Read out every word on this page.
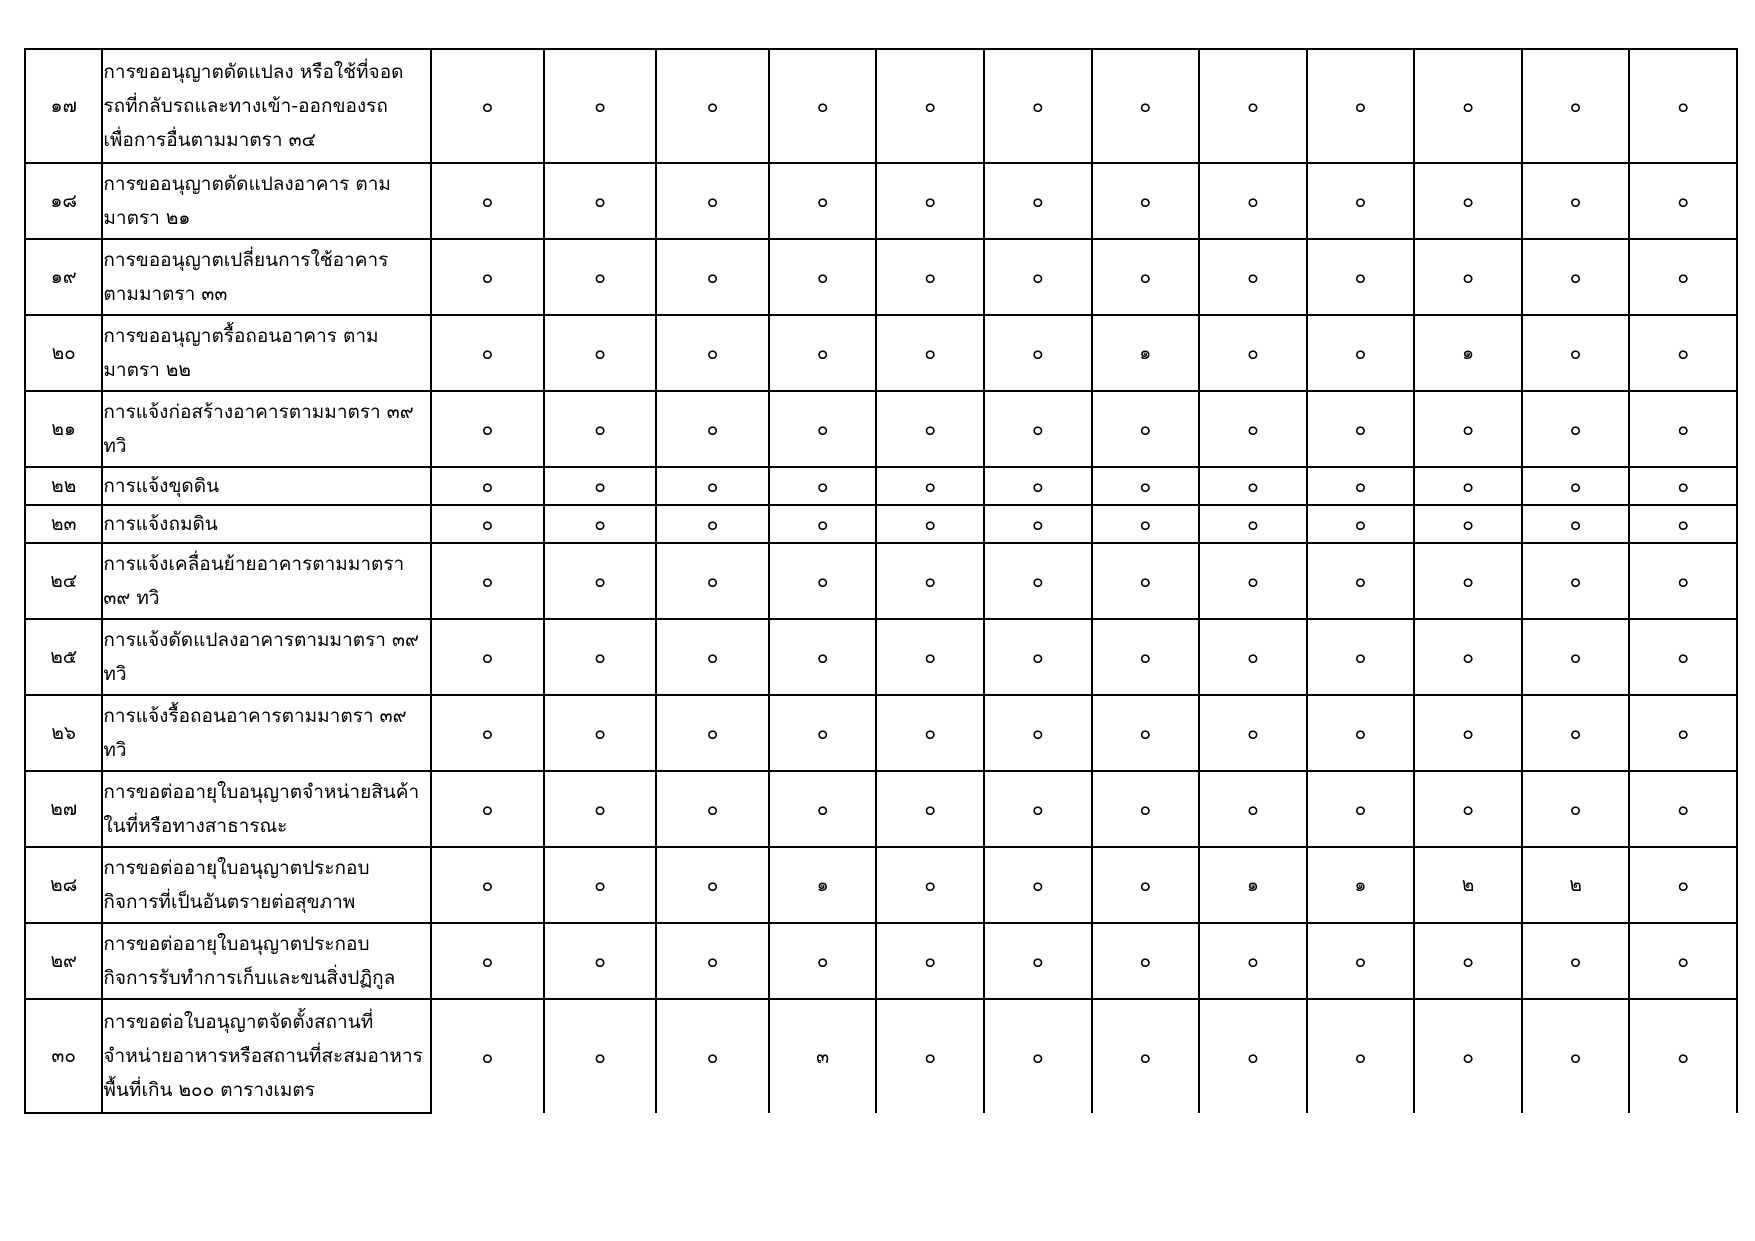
๑๗	การขออนุญาตดัดแปลง หรือใช้ที่จอด
รถที่กลับรถและทางเข้า-ออกของรถ
เพื่อการอื่นตามมาตรา ๓๔	๐	๐	๐	๐	๐	๐	๐	๐	๐	๐	๐	๐
๑๘	การขออนุญาตดัดแปลงอาคาร ตาม
มาตรา ๒๑	๐	๐	๐	๐	๐	๐	๐	๐	๐	๐	๐	๐
๑๙	การขออนุญาตเปลี่ยนการใช้อาคาร
ตามมาตรา ๓๓	๐	๐	๐	๐	๐	๐	๐	๐	๐	๐	๐	๐
๒๐	การขออนุญาตรื้อถอนอาคาร ตาม
มาตรา ๒๒	๐	๐	๐	๐	๐	๐	๑	๐	๐	๑	๐	๐
๒๑	การแจ้งก่อสร้างอาคารตามมาตรา ๓๙
ทวิ	๐	๐	๐	๐	๐	๐	๐	๐	๐	๐	๐	๐
๒๒	การแจ้งขุดดิน	๐	๐	๐	๐	๐	๐	๐	๐	๐	๐	๐	๐
๒๓	การแจ้งถมดิน	๐	๐	๐	๐	๐	๐	๐	๐	๐	๐	๐	๐
๒๔	การแจ้งเคลื่อนย้ายอาคารตามมาตรา
๓๙ ทวิ	๐	๐	๐	๐	๐	๐	๐	๐	๐	๐	๐	๐
๒๕	การแจ้งดัดแปลงอาคารตามมาตรา ๓๙
ทวิ	๐	๐	๐	๐	๐	๐	๐	๐	๐	๐	๐	๐
๒๖	การแจ้งรื้อถอนอาคารตามมาตรา ๓๙ ทวิ	๐	๐	๐	๐	๐	๐	๐	๐	๐	๐	๐	๐
๒๗	การขอต่ออายุใบอนุญาตจำหน่ายสินค้า
ในที่หรือทางสาธารณะ	๐	๐	๐	๐	๐	๐	๐	๐	๐	๐	๐	๐
๒๘	การขอต่ออายุใบอนุญาตประกอบ
กิจการที่เป็นอันตรายต่อสุขภาพ	๐	๐	๐	๑	๐	๐	๐	๑	๑	๒	๒	๐
๒๙	การขอต่ออายุใบอนุญาตประกอบ
กิจการรับทำการเก็บและขนสิ่งปฏิกูล	๐	๐	๐	๐	๐	๐	๐	๐	๐	๐	๐	๐
๓๐	การขอต่อใบอนุญาตจัดตั้งสถานที่
จำหน่ายอาหารหรือสถานที่สะสมอาหาร
พื้นที่เกิน ๒๐๐ ตารางเมตร	๐	๐	๐	๓	๐	๐	๐	๐	๐	๐	๐	๐
